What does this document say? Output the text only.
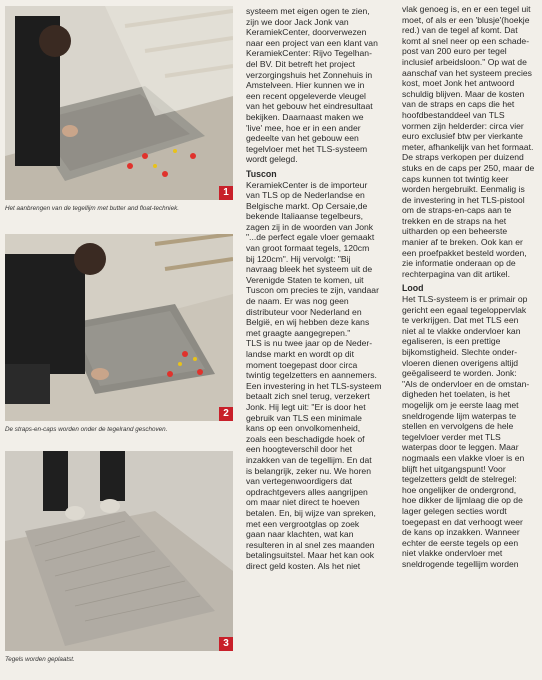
1
Het aanbrengen van de tegellijm met butter and float-techniek.
2
De straps-en-caps worden onder de tegelrand geschoven.
3
Tegels worden geplaatst.
systeem met eigen ogen te zien,
zijn we door Jack Jonk van
KeramiekCenter, doorverwezen
naar een project van een klant van
KeramiekCenter: Rijvo Tegelhan-
del BV. Dit betreft het project
verzorgingshuis het Zonnehuis in
Amstelveen. Hier kunnen we in
een recent opgeleverde vleugel
van het gebouw het eindresultaat
bekijken. Daarnaast maken we
'live' mee, hoe er in een ander
gedeelte van het gebouw een
tegelvloer met het TLS-systeem
wordt gelegd.
Tuscon
KeramiekCenter is de importeur
van TLS op de Nederlandse en
Belgische markt. Op Cersaie,de
bekende Italiaanse tegelbeurs,
zagen zij in de woorden van Jonk
"...de perfect egale vloer gemaakt
van groot formaat tegels, 120cm
bij 120cm". Hij vervolgt: "Bij
navraag bleek het systeem uit de
Verenigde Staten te komen, uit
Tuscon om precies te zijn, vandaar
de naam. Er was nog geen
distributeur voor Nederland en
België, en wij hebben deze kans
met graagte aangegrepen."
TLS is nu twee jaar op de Neder-
landse markt en wordt op dit
moment toegepast door circa
twintig tegelzetters en aannemers.
Een investering in het TLS-systeem
betaalt zich snel terug, verzekert
Jonk. Hij legt uit: "Er is door het
gebruik van TLS een minimale
kans op een onvolkomenheid,
zoals een beschadigde hoek of
een hoogteverschil door het
inzakken van de tegellijm. En dat
is belangrijk, zeker nu. We horen
van vertegenwoordigers dat
opdrachtgevers alles aangrijpen
om maar niet direct te hoeven
betalen. En, bij wijze van spreken,
met een vergrootglas op zoek
gaan naar klachten, wat kan
resulteren in al snel zes maanden
betalingsuitstel. Maar het kan ook
direct geld kosten. Als het niet
vlak genoeg is, en er een tegel uit
moet, of als er een 'blusje'(hoekje
red.) van de tegel af komt. Dat
komt al snel neer op een schade-
post van 200 euro per tegel
inclusief arbeidsloon." Op wat de
aanschaf van het systeem precies
kost, moet Jonk het antwoord
schuldig blijven. Maar de kosten
van de straps en caps die het
hoofdbestanddeel van TLS
vormen zijn helderder: circa vier
euro exclusief btw per vierkante
meter, afhankelijk van het formaat.
De straps verkopen per duizend
stuks en de caps per 250, maar de
caps kunnen tot twintig keer
worden hergebruikt. Eenmalig is
de investering in het TLS-pistool
om de straps-en-caps aan te
trekken en de straps na het
uitharden op een beheerste
manier af te breken. Ook kan er
een proefpakket besteld worden,
zie informatie onderaan op de
rechterpagina van dit artikel.
Lood
Het TLS-systeem is er primair op
gericht een egaal tegeloppervlak
te verkrijgen. Dat met TLS een
niet al te vlakke ondervloer kan
egaliseren, is een prettige
bijkomstigheid. Slechte onder-
vloeren dienen overigens altijd
geëgaliseerd te worden. Jonk:
"Als de ondervloer en de omstan-
digheden het toelaten, is het
mogelijk om je eerste laag met
sneldrogende lijm waterpas te
stellen en vervolgens de hele
tegelvloer verder met TLS
waterpas door te leggen. Maar
nogmaals een vlakke vloer is en
blijft het uitgangspunt! Voor
tegelzetters geldt de stelregel:
hoe ongelijker de ondergrond,
hoe dikker de lijmlaag die op de
lager gelegen secties wordt
toegepast en dat verhoogt weer
de kans op inzakken. Wanneer
echter de eerste tegels op een
niet vlakke ondervloer met
sneldrogende tegellijm worden
